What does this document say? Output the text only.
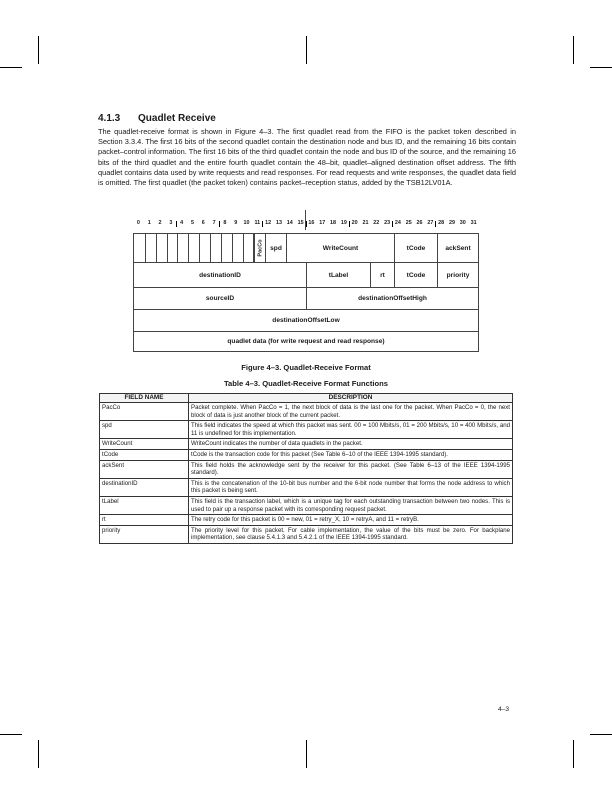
4.1.3 Quadlet Receive
The quadlet-receive format is shown in Figure 4–3. The first quadlet read from the FIFO is the packet token described in Section 3.3.4. The first 16 bits of the second quadlet contain the destination node and bus ID, and the remaining 16 bits contain packet–control information. The first 16 bits of the third quadlet contain the node and bus ID of the source, and the remaining 16 bits of the third quadlet and the entire fourth quadlet contain the 48–bit, quadlet–aligned destination offset address. The fifth quadlet contains data used by write requests and read responses. For read requests and write responses, the quadlet data field is omitted. The first quadlet (the packet token) contains packet–reception status, added by the TSB12LV01A.
0	1	2	3	4	5	6	7	8	9	10 11 12 13 14 15 16 17 18 19 20 21 22 23 24 25 26 27 28 29 30 31
PacCo spd	WriteCount	tCode	ackSent
destinationID	tLabel	rt	tCode	priority
sourceID	destinationOffsetHigh
destinationOffsetLow
quadlet data (for write request and read response)
Figure 4–3. Quadlet-Receive Format
Table 4–3. Quadlet-Receive Format Functions
FIELD NAME	DESCRIPTION
PacCo	Packet complete. When PacCo = 1, the next block of data is the last one for the packet. When PacCo = 0, the next block of data is just another block of the current packet.
spd	This field indicates the speed at which this packet was sent. 00 = 100 Mbits/s, 01 = 200 Mbits/s, 10 = 400 Mbits/s, and 11 is undefined for this implementation.
WriteCount	WriteCount indicates the number of data quadlets in the packet.
tCode	tCode is the transaction code for this packet (See Table 6–10 of the IEEE 1394-1995 standard).
ackSent	This field holds the acknowledge sent by the receiver for this packet. (See Table 6–13 of the IEEE 1394-1995 standard).
destinationID	This is the concatenation of the 10-bit bus number and the 6-bit node number that forms the node address to which this packet is being sent.
tLabel	This field is the transaction label, which is a unique tag for each outstanding transaction between two nodes. This is used to pair up a response packet with its corresponding request packet.
rt	The retry code for this packet is 00 = new, 01 = retry_X, 10 = retryA, and 11 = retryB.
priority	The priority level for this packet. For cable implementation, the value of the bits must be zero. For backplane implementation, see clause 5.4.1.3 and 5.4.2.1 of the IEEE 1394-1995 standard.
4–3
